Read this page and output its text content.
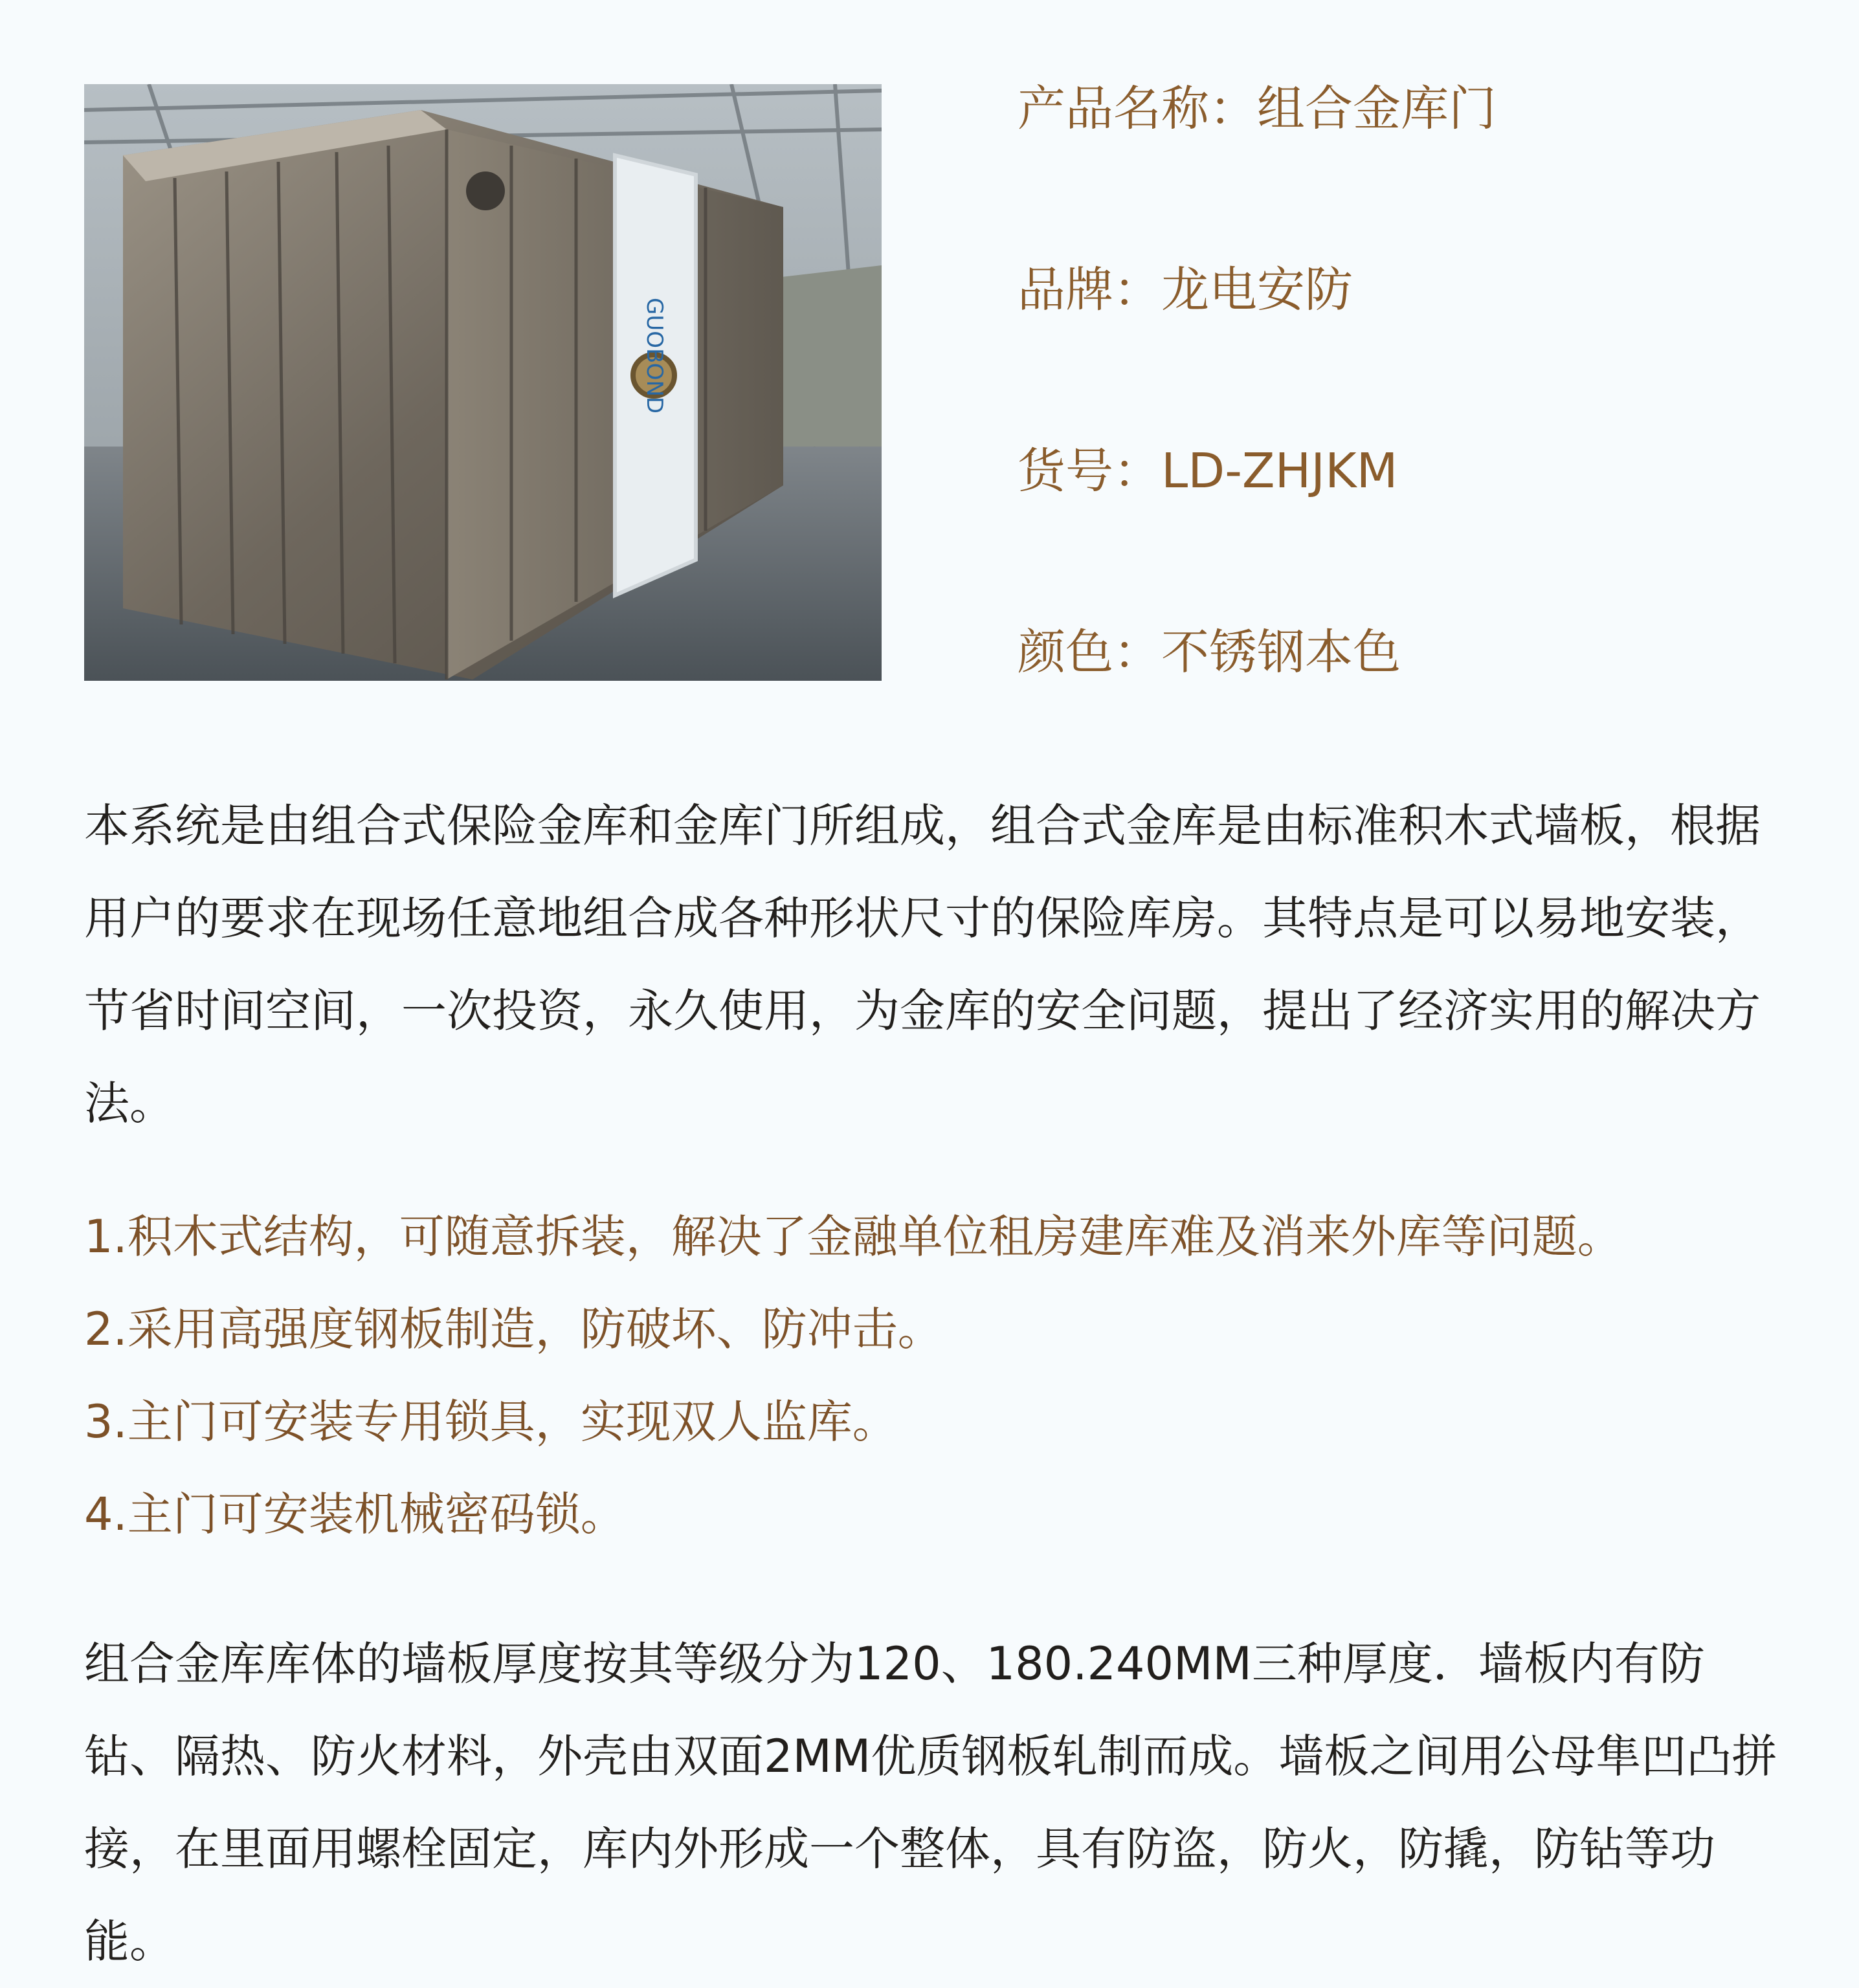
GUOBOND
产品名称：组合金库门
品牌：龙电安防
货号：LD-ZHJKM
颜色：不锈钢本色

本系统是由组合式保险金库和金库门所组成，组合式金库是由标准积木式墙板，根据用户的要求在现场任意地组合成各种形状尺寸的保险库房。其特点是可以易地安装，节省时间空间，一次投资，永久使用，为金库的安全问题，提出了经济实用的解决方法。

1.积木式结构，可随意拆装，解决了金融单位租房建库难及消来外库等问题。
2.采用高强度钢板制造，防破坏、防冲击。
3.主门可安装专用锁具，实现双人监库。
4.主门可安装机械密码锁。

组合金库库体的墙板厚度按其等级分为120、180.240MM三种厚度．墙板内有防钻、隔热、防火材料，外壳由双面2MM优质钢板轧制而成。墙板之间用公母隼凹凸拼接，在里面用螺栓固定，库内外形成一个整体，具有防盗，防火，防撬，防钻等功能。
